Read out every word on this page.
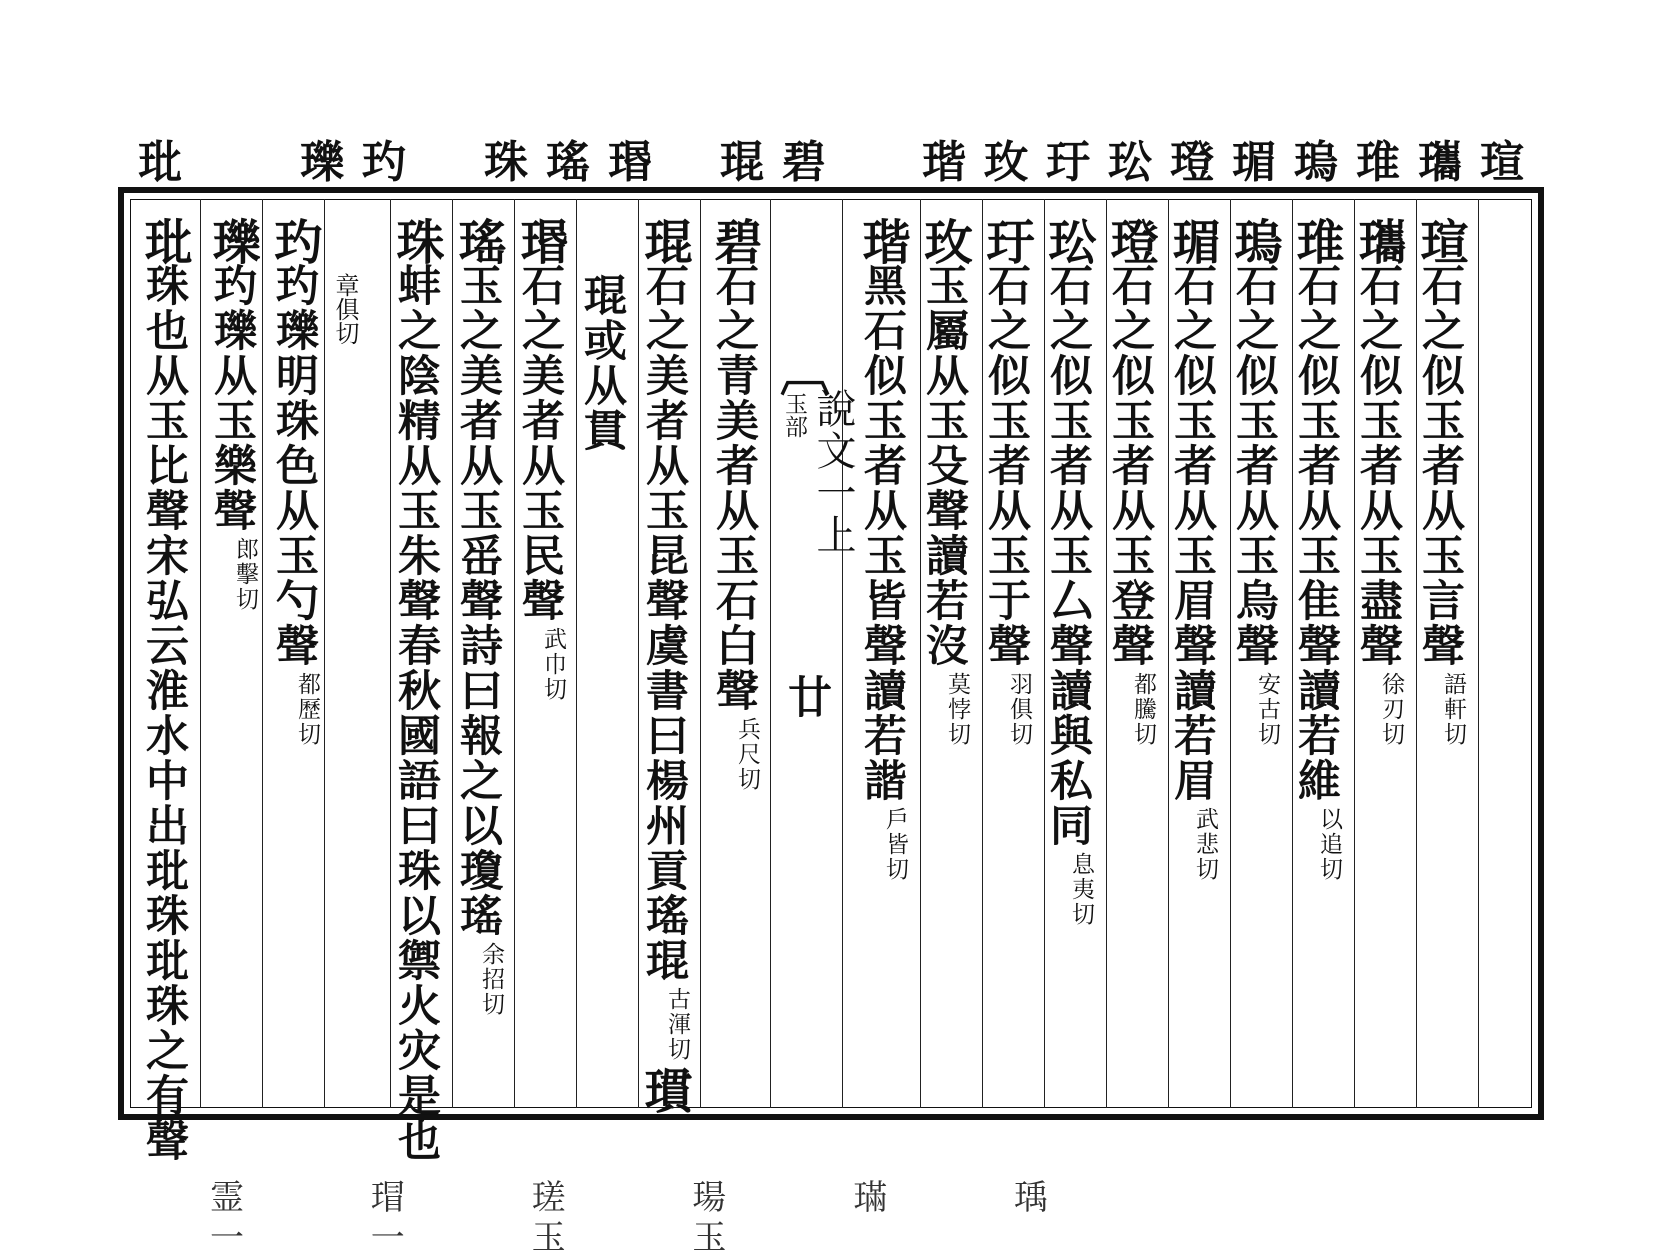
瑄
瓗
琟
瑦
瑂
璒
玜
玗
玫
瑎
碧
琨
瑉
瑤
珠
玓
瓅
玭
瑄
石之似玉者从玉言聲
語軒切
瓗
石之似玉者从玉盡聲
徐刃切
琟
石之似玉者从玉隹聲讀若維
以追切
瑦
石之似玉者从玉烏聲
安古切
瑂
石之似玉者从玉眉聲讀若眉
武悲切
璒
石之似玉者从玉登聲
都騰切
玜
石之似玉者从玉厶聲讀與私同
息夷切
玗
石之似玉者从玉于聲
羽俱切
玫
玉屬从玉殳聲讀若沒
莫悖切
瑎
黑石似玉者从玉皆聲讀若諧
戶皆切
︹
說文一上
玉部
廿
碧
石之青美者从玉石白聲
兵尺切
琨
石之美者从玉昆聲虞書曰楊州貢瑤琨
古渾切
瑻
琨或从貫
瑉
石之美者从玉民聲
武巾切
瑤
玉之美者从玉䍃聲詩曰報之以瓊瑤
余招切
珠
蚌之陰精从玉朱聲春秋國語曰珠以禦火灾是也
章俱切
玓
玓瓅明珠色从玉勺聲
都歷切
瓅
玓瓅从玉樂聲
郎擊切
玭
珠也从玉比聲宋弘云淮水中出玭珠玭珠之有聲
霊 瑁 瑳 瑒 璊 瑀 一 一 玉 玉
